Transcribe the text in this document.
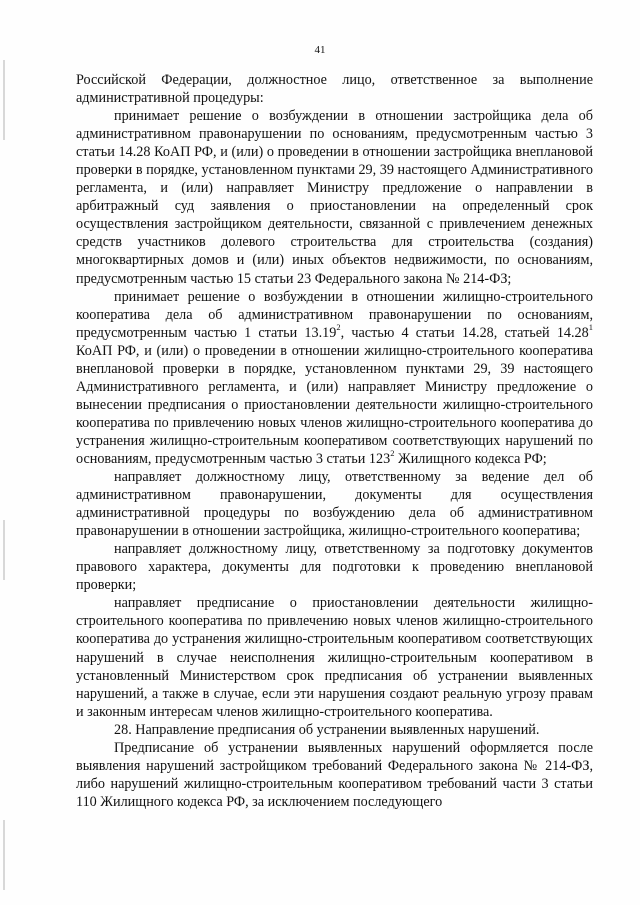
41

Российской Федерации, должностное лицо, ответственное за выполнение административной процедуры:

принимает решение о возбуждении в отношении застройщика дела об административном правонарушении по основаниям, предусмотренным частью 3 статьи 14.28 КоАП РФ, и (или) о проведении в отношении застройщика внеплановой проверки в порядке, установленном пунктами 29, 39 настоящего Административного регламента, и (или) направляет Министру предложение о направлении в арбитражный суд заявления о приостановлении на определенный срок осуществления застройщиком деятельности, связанной с привлечением денежных средств участников долевого строительства для строительства (создания) многоквартирных домов и (или) иных объектов недвижимости, по основаниям, предусмотренным частью 15 статьи 23 Федерального закона № 214-ФЗ;

принимает решение о возбуждении в отношении жилищно-строительного кооператива дела об административном правонарушении по основаниям, предусмотренным частью 1 статьи 13.19$^2$, частью 4 статьи 14.28, статьей 14.28$^1$ КоАП РФ, и (или) о проведении в отношении жилищно-строительного кооператива внеплановой проверки в порядке, установленном пунктами 29, 39 настоящего Административного регламента, и (или) направляет Министру предложение о вынесении предписания о приостановлении деятельности жилищно-строительного кооператива по привлечению новых членов жилищно-строительного кооператива до устранения жилищно-строительным кооперативом соответствующих нарушений по основаниям, предусмотренным частью 3 статьи $123^2$ Жилищного кодекса РФ;

направляет должностному лицу, ответственному за ведение дел об административном правонарушении, документы для осуществления административной процедуры по возбуждению дела об административном правонарушении в отношении застройщика, жилищно-строительного кооператива;

направляет должностному лицу, ответственному за подготовку документов правового характера, документы для подготовки к проведению внеплановой проверки;

направляет предписание о приостановлении деятельности жилищно-строительного кооператива по привлечению новых членов жилищно-строительного кооператива до устранения жилищно-строительным кооперативом соответствующих нарушений в случае неисполнения жилищно-строительным кооперативом в установленный Министерством срок предписания об устранении выявленных нарушений, а также в случае, если эти нарушения создают реальную угрозу правам и законным интересам членов жилищно-строительного кооператива.

28. Направление предписания об устранении выявленных нарушений.

Предписание об устранении выявленных нарушений оформляется после выявления нарушений застройщиком требований Федерального закона № 214-ФЗ, либо нарушений жилищно-строительным кооперативом требований части 3 статьи 110 Жилищного кодекса РФ, за исключением последующего
